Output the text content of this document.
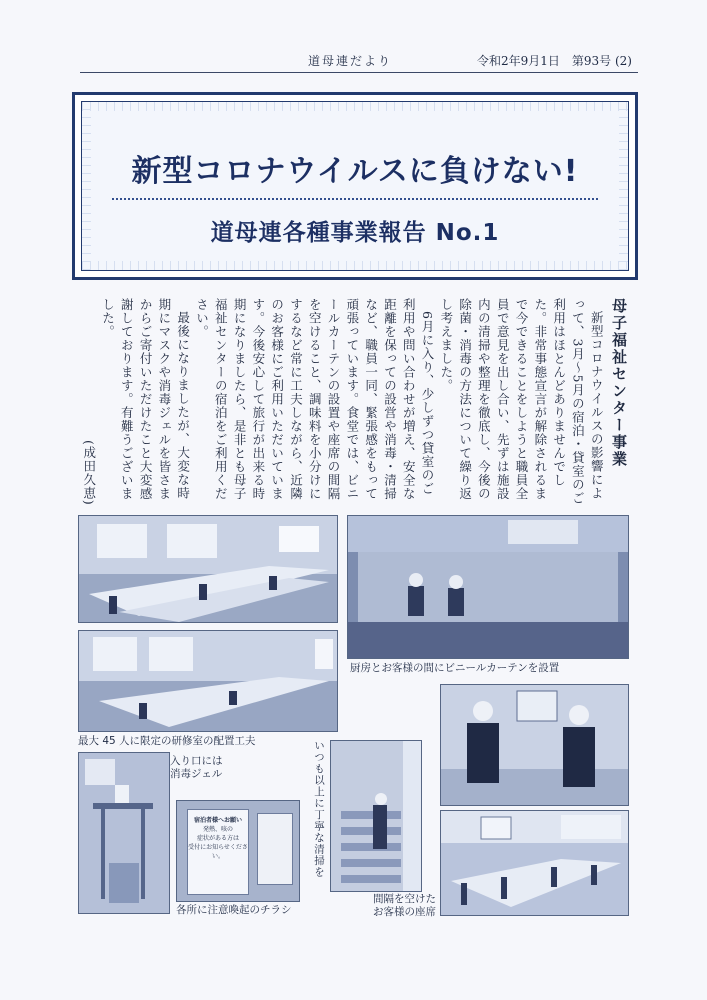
道母連だより	令和2年9月1日　第93号 (2)
新型コロナウイルスに負けない!
道母連各種事業報告 No.1
母子福祉センター事業

新型コロナウイルスの影響によって、3月～5月の宿泊・貸室のご利用はほとんどありませんでした。非常事態宣言が解除されるまで今できることをしようと職員全員で意見を出し合い、先ずは施設内の清掃や整理を徹底し、今後の除菌・消毒の方法について繰り返し考えました。

6月に入り、少しずつ貸室のご利用や問い合わせが増え、安全な距離を保っての設営や消毒・清掃など、職員一同、緊張感をもって頑張っています。食堂では、ビニールカーテンの設置や座席の間隔を空けること、調味料を小分けにするなど常に工夫しながら、近隣のお客様にご利用いただいています。今後安心して旅行が出来る時期になりましたら、是非とも母子福祉センターの宿泊をご利用ください。

最後になりましたが、大変な時期にマスクや消毒ジェルを皆さまからご寄付いただけたこと大変感謝しております。有難うございました。

(成田久恵)
最大 45 人に限定の研修室の配置工夫
厨房とお客様の間にビニールカーテンを設置
入り口には
消毒ジェル
宿泊者様へお願い
発熱、咳の
症状がある方は
受付にお知らせください。
各所に注意喚起のチラシ
いつも以上に丁寧な清掃を
間隔を空けた
お客様の座席
